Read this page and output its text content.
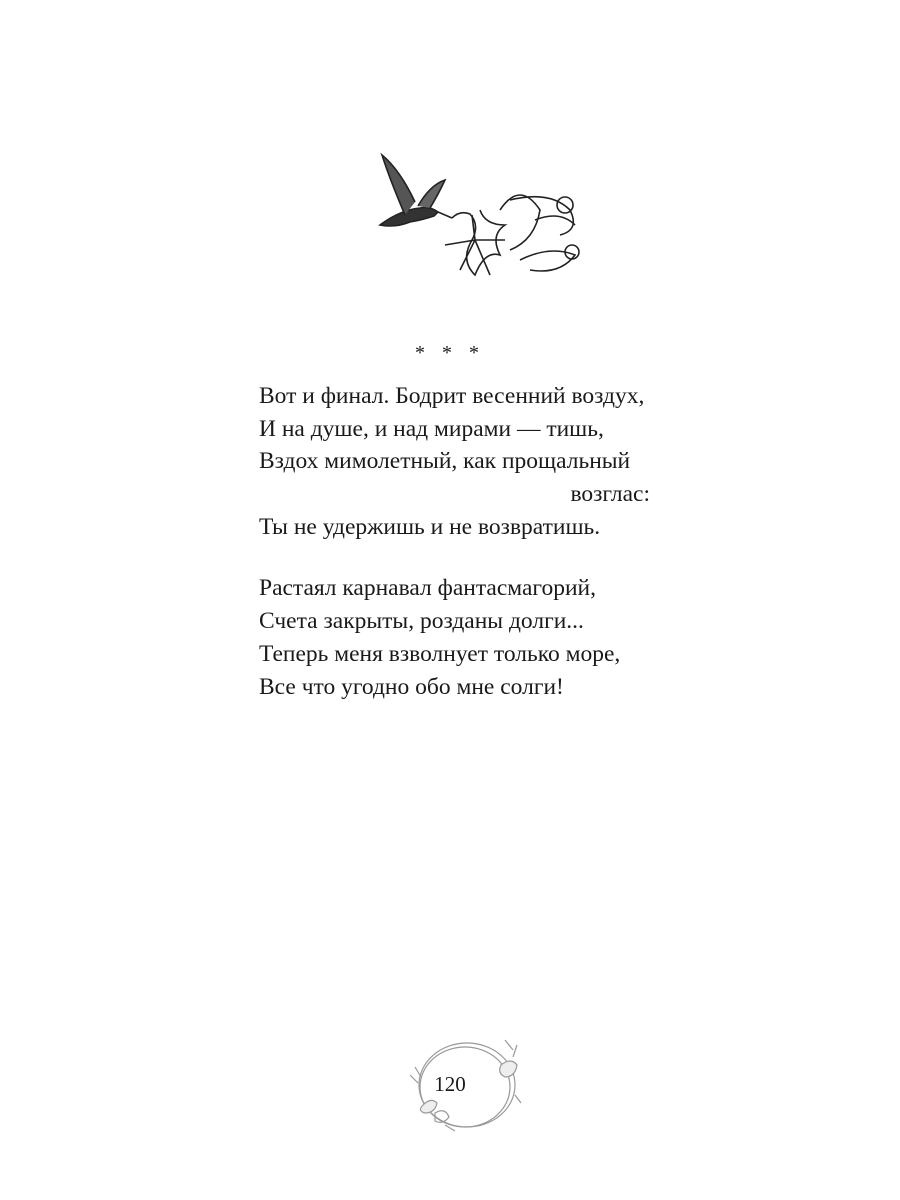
* * *
Вот и финал. Бодрит весенний воздух,
И на душе, и над мирами — тишь,
Вздох мимолетный, как прощальный
возглас:
Ты не удержишь и не возвратишь.
Растаял карнавал фантасмагорий,
Счета закрыты, розданы долги...
Теперь меня взволнует только море,
Все что угодно обо мне солги!
120
